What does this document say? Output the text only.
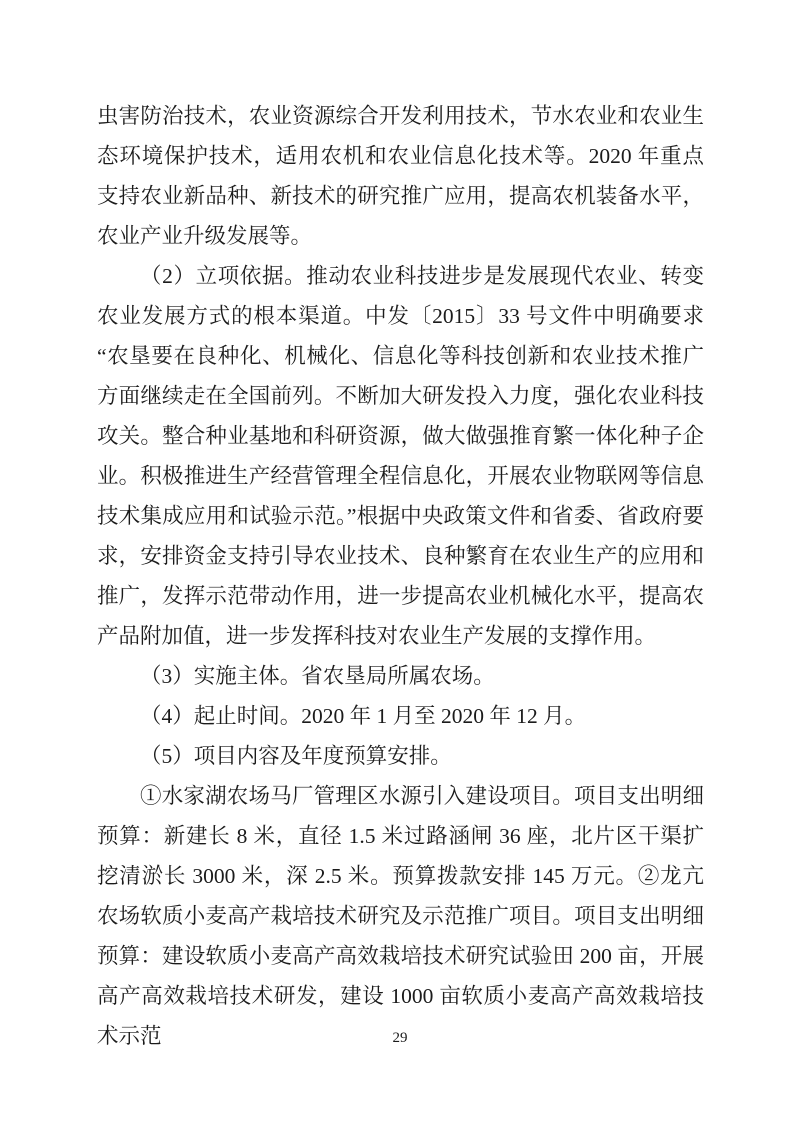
虫害防治技术，农业资源综合开发利用技术，节水农业和农业生态环境保护技术，适用农机和农业信息化技术等。2020 年重点支持农业新品种、新技术的研究推广应用，提高农机装备水平，农业产业升级发展等。

（2）立项依据。推动农业科技进步是发展现代农业、转变农业发展方式的根本渠道。中发〔2015〕33 号文件中明确要求“农垦要在良种化、机械化、信息化等科技创新和农业技术推广方面继续走在全国前列。不断加大研发投入力度，强化农业科技攻关。整合种业基地和科研资源，做大做强推育繁一体化种子企业。积极推进生产经营管理全程信息化，开展农业物联网等信息技术集成应用和试验示范。”根据中央政策文件和省委、省政府要求，安排资金支持引导农业技术、良种繁育在农业生产的应用和推广，发挥示范带动作用，进一步提高农业机械化水平，提高农产品附加值，进一步发挥科技对农业生产发展的支撑作用。

（3）实施主体。省农垦局所属农场。

（4）起止时间。2020 年 1 月至 2020 年 12 月。

（5）项目内容及年度预算安排。

①水家湖农场马厂管理区水源引入建设项目。项目支出明细预算：新建长 8 米，直径 1.5 米过路涵闸 36 座，北片区干渠扩挖清淤长 3000 米，深 2.5 米。预算拨款安排 145 万元。②龙亢农场软质小麦高产栽培技术研究及示范推广项目。项目支出明细预算：建设软质小麦高产高效栽培技术研究试验田 200 亩，开展高产高效栽培技术研发，建设 1000 亩软质小麦高产高效栽培技术示范	29
